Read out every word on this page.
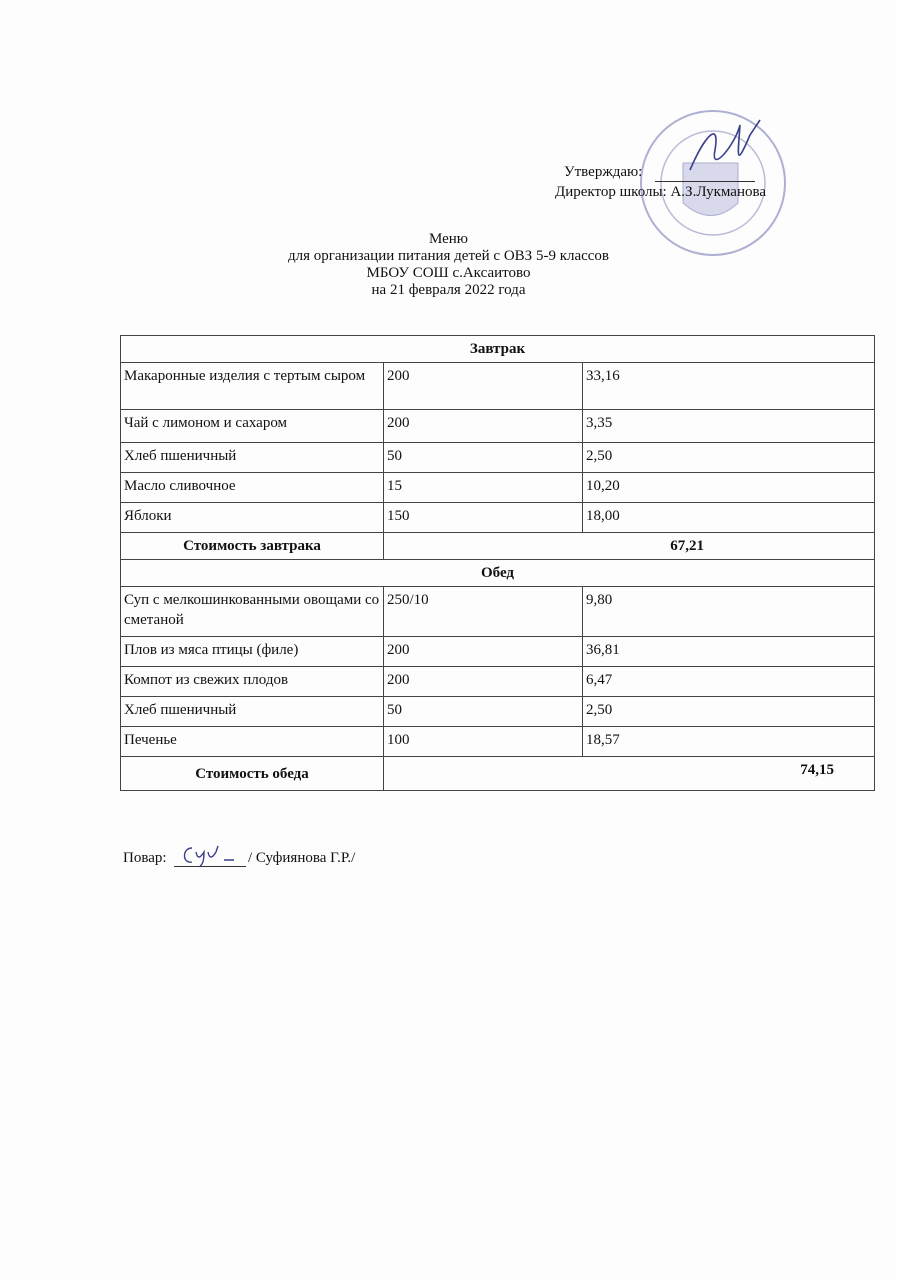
Утверждаю:
Директор школы: А.З.Лукманова
Меню
для организации питания детей с ОВЗ 5-9 классов
МБОУ СОШ с.Аксаитово
на 21 февраля 2022 года
Завтрак		
Макаронные изделия с тертым сыром	200	33,16
Чай с лимоном и сахаром	200	3,35
Хлеб пшеничный	50	2,50
Масло сливочное	15	10,20
Яблоки	150	18,00
Стоимость завтрака	67,21	
Обед		
Суп с мелкошинкованными овощами со сметаной	250/10	9,80
Плов из мяса птицы (филе)	200	36,81
Компот из свежих плодов	200	6,47
Хлеб пшеничный	50	2,50
Печенье	100	18,57
Стоимость обеда	74,15	
Повар:	/ Суфиянова Г.Р./
